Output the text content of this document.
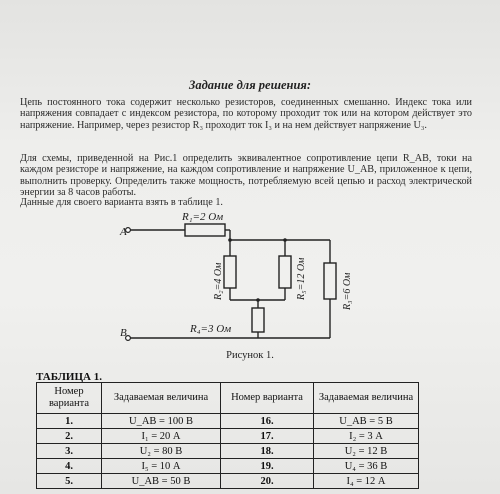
Задание для решения:
Цепь постоянного тока содержит несколько резисторов, соединенных смешанно. Индекс тока или напряжения совпадает с индексом резистора, по которому проходит ток или на котором действует это напряжение. Например, через резистор R₃ проходит ток I₃ и на нем действует напряжение U₃.
Для схемы, приведенной на Рис.1 определить эквивалентное сопротивление цепи R_AB, токи на каждом резисторе и напряжение, на каждом сопротивление и напряжение U_AB, приложенное к цепи, выполнить проверку. Определить также мощность, потребляемую всей цепью и расход электрической энергии за 8 часов работы.
Данные для своего варианта взять в таблице 1.
A
B
R₁=2 Ом
R₄=3 Ом
R₂=4 Ом	R₅=12 Ом	R₃=6 Ом
Рисунок 1.
ТАБЛИЦА 1.
Номер варианта	Задаваемая величина	Номер варианта	Задаваемая величина
1.	U_AB = 100 В	16.	U_AB = 5 В
2.	I₁ = 20 А	17.	I₂ = 3 А
3.	U₂ = 80 В	18.	U₂ = 12 В
4.	I₅ = 10 А	19.	U₄ = 36 В
5.	U_AB = 50 В	20.	I₄ = 12 А
